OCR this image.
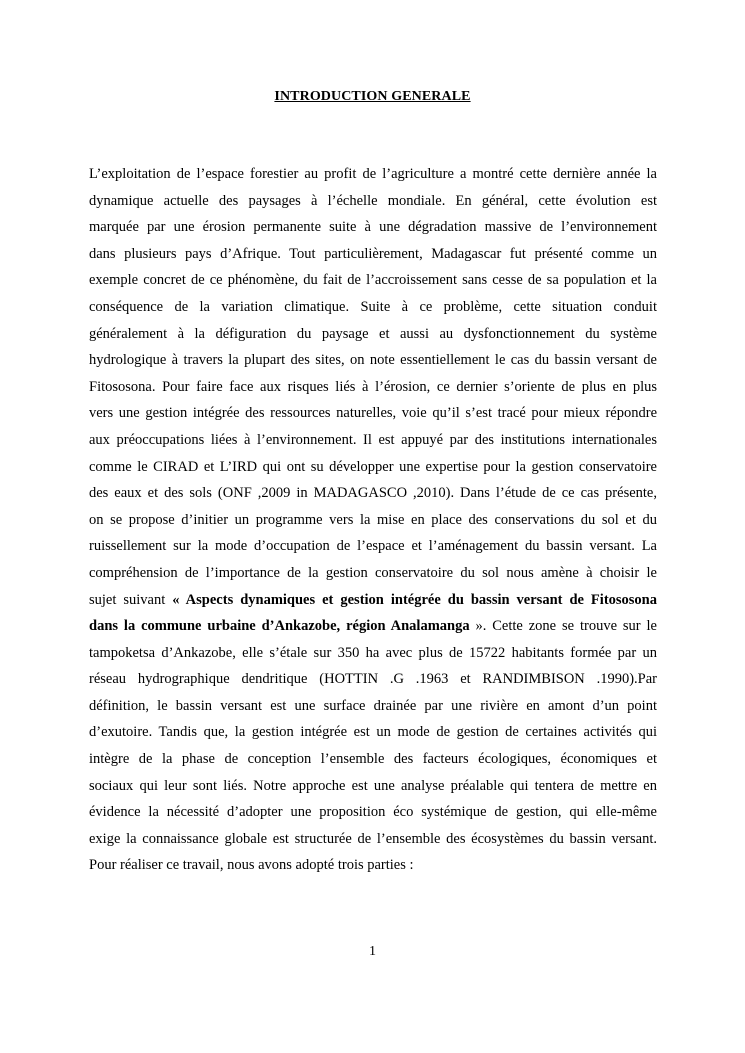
INTRODUCTION GENERALE
L’exploitation de l’espace forestier au profit de l’agriculture a montré cette dernière année la
dynamique actuelle des paysages à l’échelle mondiale. En général, cette évolution est
marquée par une érosion permanente suite à une dégradation massive de l’environnement
dans plusieurs pays d’Afrique. Tout particulièrement, Madagascar fut présenté comme un
exemple concret de ce phénomène, du fait de l’accroissement sans cesse de sa population et la
conséquence de la variation climatique. Suite à ce problème, cette situation conduit
généralement à la défiguration du paysage et aussi au dysfonctionnement du système
hydrologique à travers la plupart des sites, on note essentiellement le cas du bassin versant de
Fitososona. Pour faire face aux risques liés à l’érosion, ce dernier s’oriente de plus en plus
vers une gestion intégrée des ressources naturelles, voie qu’il s’est tracé pour mieux répondre
aux préoccupations liées à l’environnement. Il est appuyé par des institutions internationales
comme le CIRAD et L’IRD qui ont su développer une expertise pour la gestion conservatoire
des eaux et des sols (ONF ,2009 in MADAGASCO ,2010). Dans l’étude de ce cas présente,
on se propose d’initier un programme vers la mise en place des conservations du sol et du
ruissellement sur la mode d’occupation de l’espace et l’aménagement du bassin versant. La
compréhension de l’importance de la gestion conservatoire du sol nous amène à choisir le
sujet suivant « Aspects dynamiques et gestion intégrée du bassin versant de Fitososona
dans la commune urbaine d’Ankazobe, région Analamanga ». Cette zone se trouve sur le
tampoketsa d’Ankazobe, elle s’étale sur 350 ha avec plus de 15722 habitants formée par un
réseau hydrographique dendritique (HOTTIN .G .1963 et RANDIMBISON .1990).Par
définition, le bassin versant est une surface drainée par une rivière en amont d’un point
d’exutoire. Tandis que, la gestion intégrée est un mode de gestion de certaines activités qui
intègre de la phase de conception l’ensemble des facteurs écologiques, économiques et
sociaux qui leur sont liés. Notre approche est une analyse préalable qui tentera de mettre en
évidence la nécessité d’adopter une proposition éco systémique de gestion, qui elle-même
exige la connaissance globale est structurée de l’ensemble des écosystèmes du bassin versant.
Pour réaliser ce travail, nous avons adopté trois parties :
1
